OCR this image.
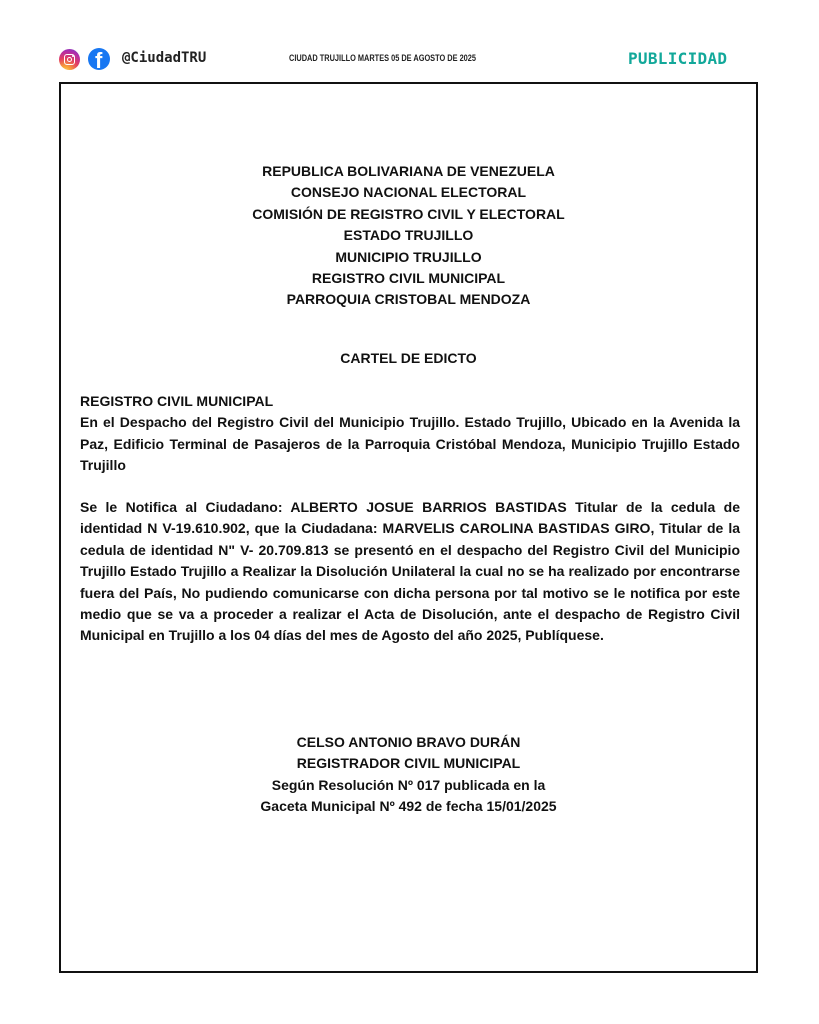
f @CiudadTRU	CIUDAD TRUJILLO MARTES 05 DE AGOSTO DE 2025	PUBLICIDAD
REPUBLICA BOLIVARIANA DE VENEZUELA
CONSEJO NACIONAL ELECTORAL
COMISIÓN DE REGISTRO CIVIL Y ELECTORAL
ESTADO TRUJILLO
MUNICIPIO TRUJILLO
REGISTRO CIVIL MUNICIPAL
PARROQUIA CRISTOBAL MENDOZA
CARTEL DE EDICTO

REGISTRO CIVIL MUNICIPAL

En el Despacho del Registro Civil del Municipio Trujillo. Estado Trujillo, Ubicado en la Avenida la Paz, Edificio Terminal de Pasajeros de la Parroquia Cristóbal Mendoza, Municipio Trujillo Estado Trujillo

Se le Notifica al Ciudadano: ALBERTO JOSUE BARRIOS BASTIDAS Titular de la cedula de identidad N V-19.610.902, que la Ciudadana: MARVELIS CAROLINA BASTIDAS GIRO, Titular de la cedula de identidad N" V- 20.709.813 se presentó en el despacho del Registro Civil del Municipio Trujillo Estado Trujillo a Realizar la Disolución Unilateral la cual no se ha realizado por encontrarse fuera del País, No pudiendo comunicarse con dicha persona por tal motivo se le notifica por este medio que se va a proceder a realizar el Acta de Disolución, ante el despacho de Registro Civil Municipal en Trujillo a los 04 días del mes de Agosto del año 2025, Publíquese.

CELSO ANTONIO BRAVO DURÁN
REGISTRADOR CIVIL MUNICIPAL
Según Resolución Nº 017 publicada en la
Gaceta Municipal Nº 492 de fecha 15/01/2025
